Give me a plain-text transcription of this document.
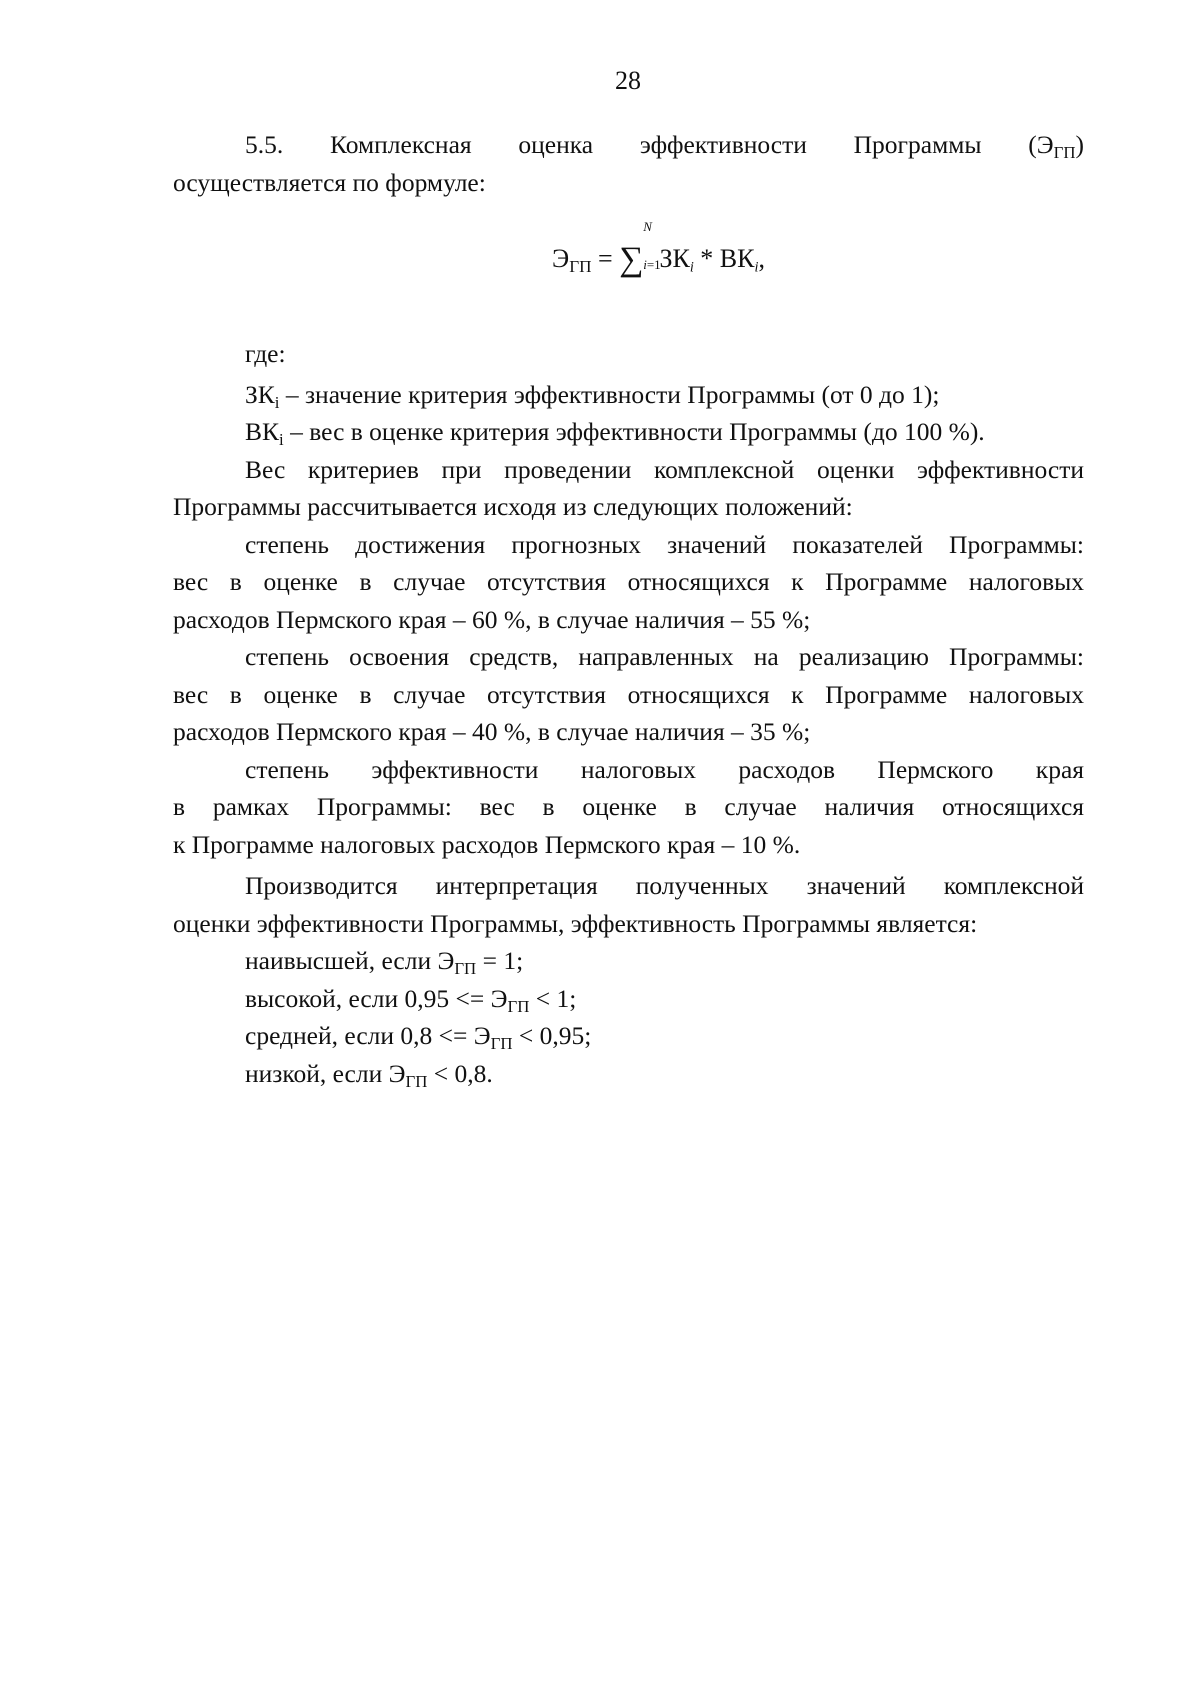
28

5.5. Комплексная оценка эффективности Программы $(Э_{ГП})$

осуществляется по формуле:

$Э_{ГП}$ = ∑
N
i=1
ЗКi * ВКi,

где:

$ЗК_i$ – значение критерия эффективности Программы (от 0 до 1);

$ВК_i$ – вес в оценке критерия эффективности Программы (до 100 %).

Вес критериев при проведении комплексной оценки эффективности

Программы рассчитывается исходя из следующих положений:

степень достижения прогнозных значений показателей Программы:

вес в оценке в случае отсутствия относящихся к Программе налоговых

расходов Пермского края – 60 %, в случае наличия – 55 %;

степень освоения средств, направленных на реализацию Программы:

вес в оценке в случае отсутствия относящихся к Программе налоговых

расходов Пермского края – 40 %, в случае наличия – 35 %;

степень эффективности налоговых расходов Пермского края

в рамках Программы: вес в оценке в случае наличия относящихся

к Программе налоговых расходов Пермского края – 10 %.

Производится интерпретация полученных значений комплексной

оценки эффективности Программы, эффективность Программы является:

наивысшей, если $Э_{ГП} = 1$;

высокой, если $0,95 <= Э_{ГП} < 1$;

средней, если $0,8 <= Э_{ГП} < 0,95$;

низкой, если $Э_{ГП} < 0,8$.
